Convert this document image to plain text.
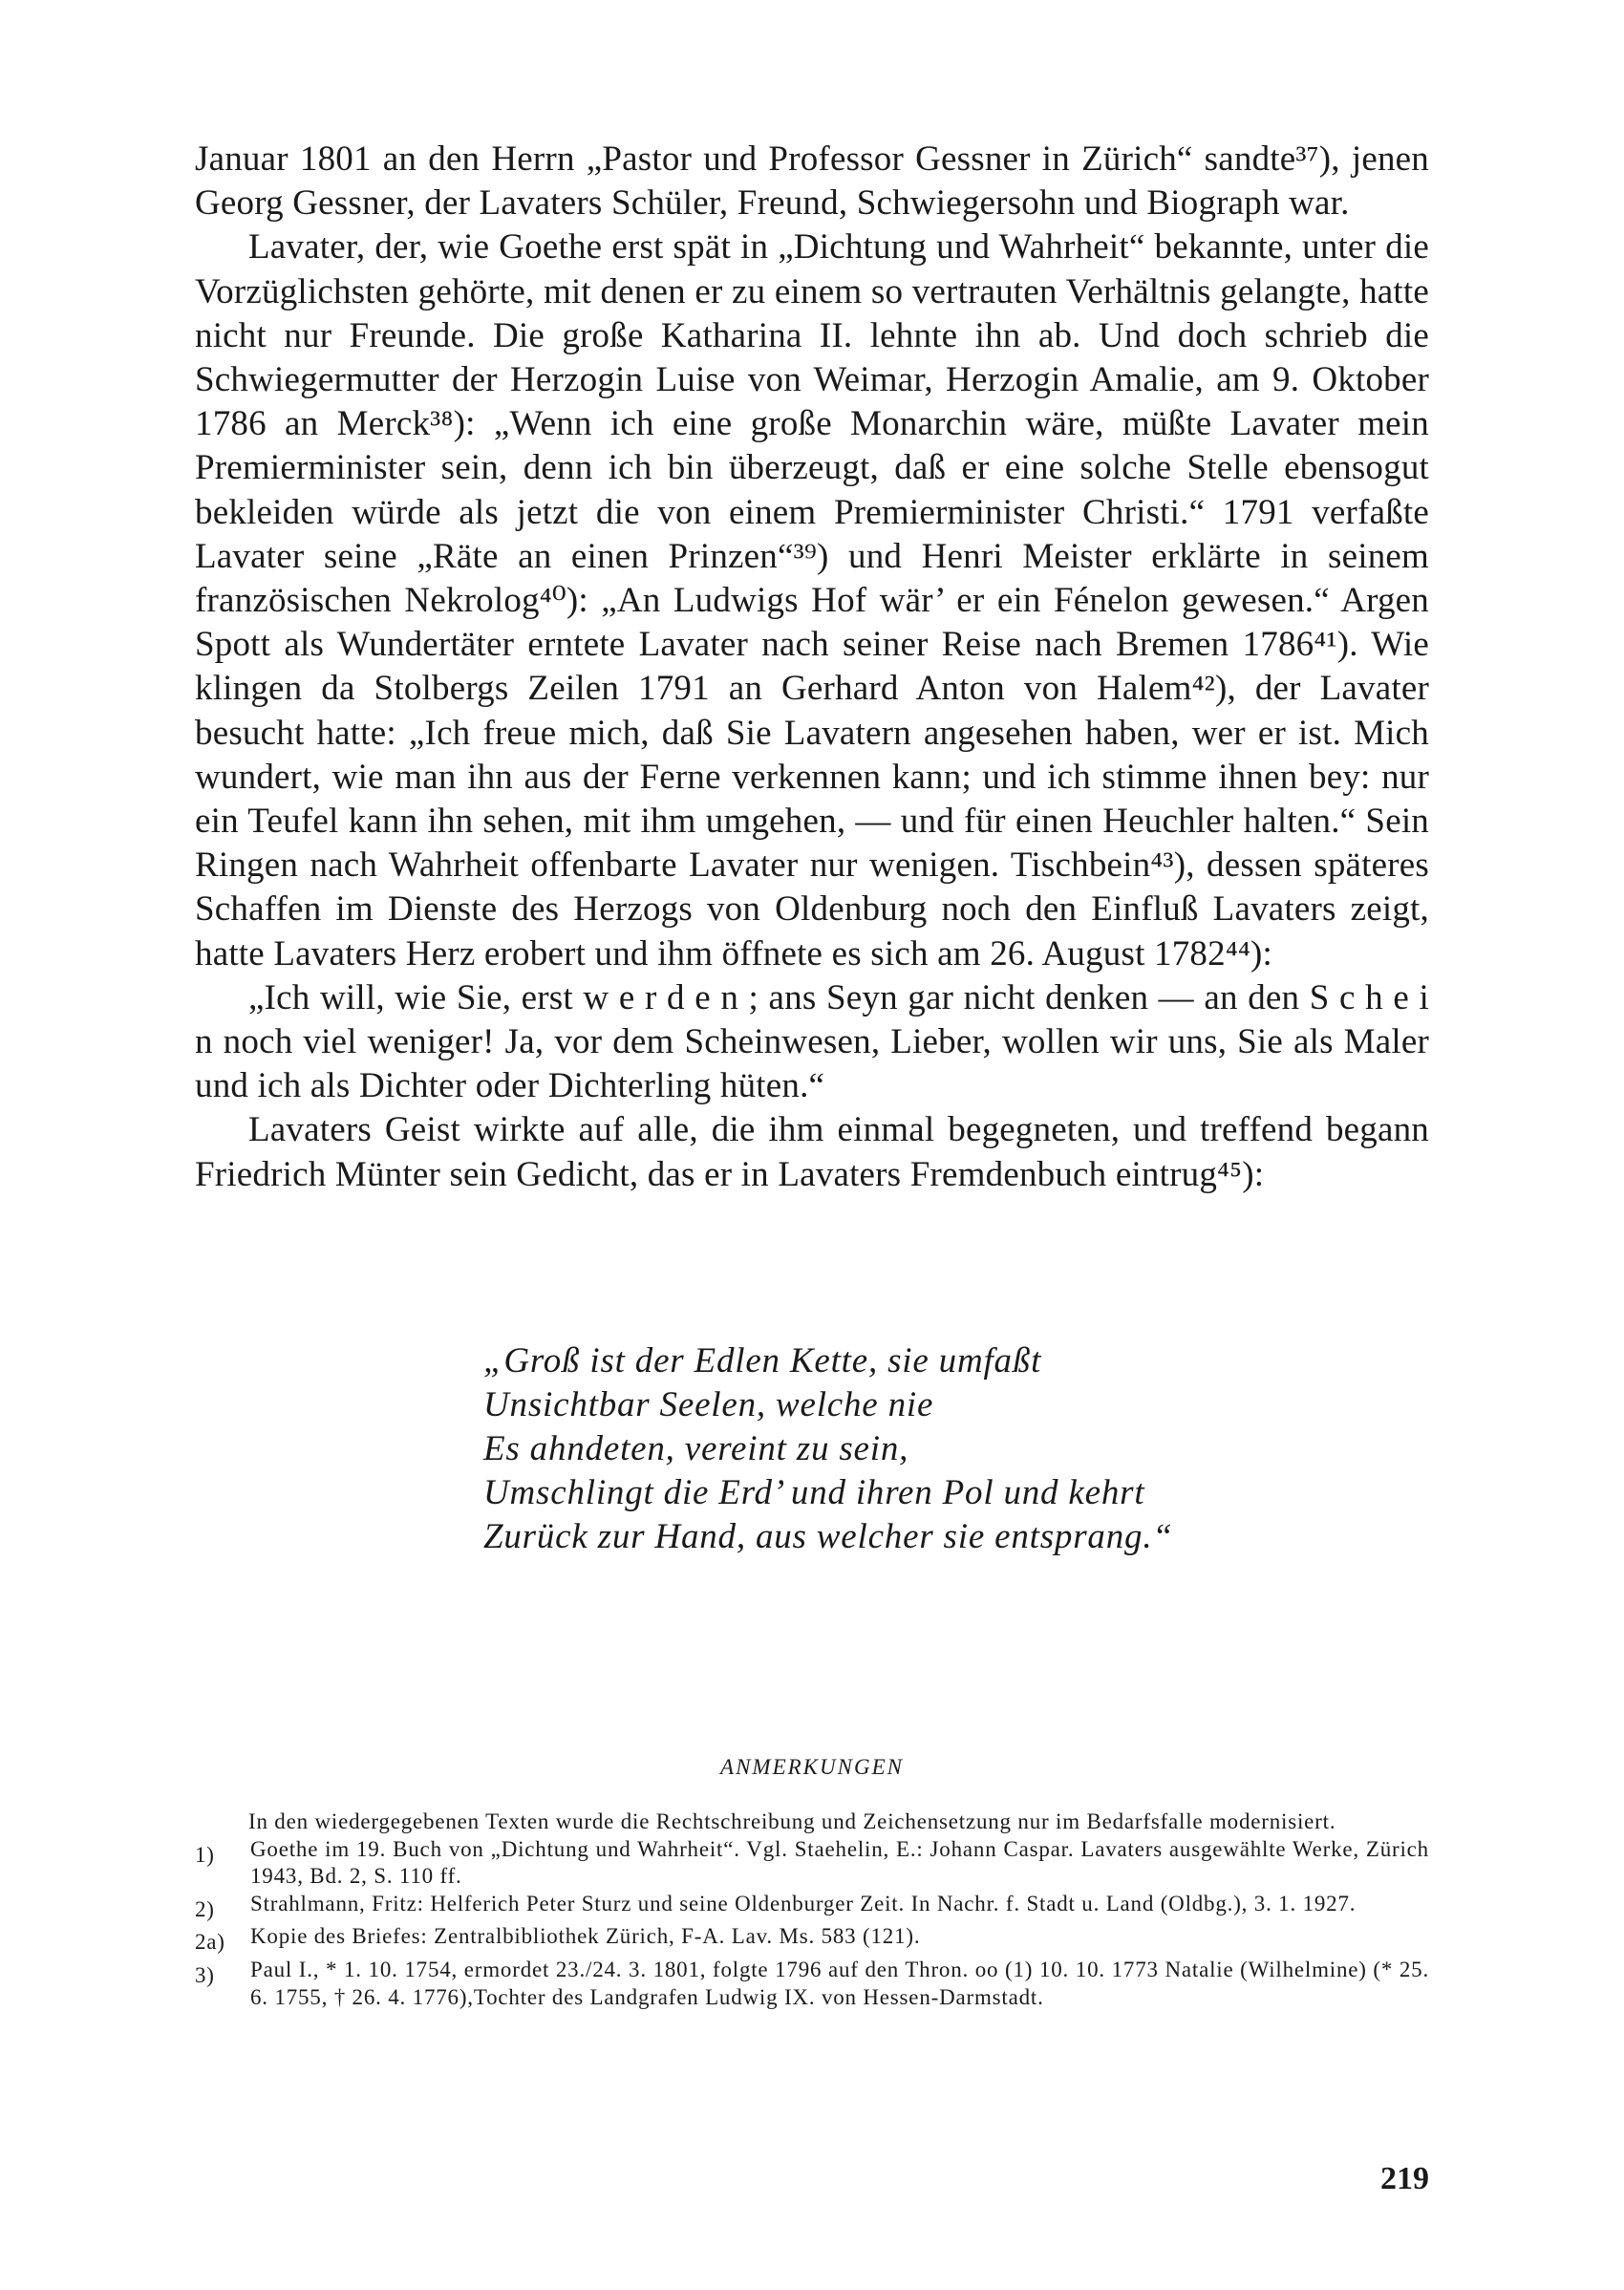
Januar 1801 an den Herrn „Pastor und Professor Gessner in Zürich“ sandte³⁷), jenen Georg Gessner, der Lavaters Schüler, Freund, Schwiegersohn und Biograph war.

Lavater, der, wie Goethe erst spät in „Dichtung und Wahrheit“ bekannte, unter die Vorzüglichsten gehörte, mit denen er zu einem so vertrauten Verhältnis gelangte, hatte nicht nur Freunde. Die große Katharina II. lehnte ihn ab. Und doch schrieb die Schwiegermutter der Herzogin Luise von Weimar, Herzogin Amalie, am 9. Oktober 1786 an Merck³⁸): „Wenn ich eine große Monarchin wäre, müßte Lavater mein Premierminister sein, denn ich bin überzeugt, daß er eine solche Stelle ebensogut bekleiden würde als jetzt die von einem Premierminister Christi.“ 1791 verfaßte Lavater seine „Räte an einen Prinzen“³⁹) und Henri Meister erklärte in seinem französischen Nekrolog⁴⁰): „An Ludwigs Hof wär’ er ein Fénelon gewesen.“ Argen Spott als Wundertäter erntete Lavater nach seiner Reise nach Bremen 1786⁴¹). Wie klingen da Stolbergs Zeilen 1791 an Gerhard Anton von Halem⁴²), der Lavater besucht hatte: „Ich freue mich, daß Sie Lavatern angesehen haben, wer er ist. Mich wundert, wie man ihn aus der Ferne verkennen kann; und ich stimme ihnen bey: nur ein Teufel kann ihn sehen, mit ihm umgehen, — und für einen Heuchler halten.“ Sein Ringen nach Wahrheit offenbarte Lavater nur wenigen. Tischbein⁴³), dessen späteres Schaffen im Dienste des Herzogs von Oldenburg noch den Einfluß Lavaters zeigt, hatte Lavaters Herz erobert und ihm öffnete es sich am 26. August 1782⁴⁴):

„Ich will, wie Sie, erst w e r d e n ; ans Seyn gar nicht denken — an den S c h e i n noch viel weniger! Ja, vor dem Scheinwesen, Lieber, wollen wir uns, Sie als Maler und ich als Dichter oder Dichterling hüten.“

Lavaters Geist wirkte auf alle, die ihm einmal begegneten, und treffend begann Friedrich Münter sein Gedicht, das er in Lavaters Fremdenbuch eintrug⁴⁵):

„Groß ist der Edlen Kette, sie umfaßt
Unsichtbar Seelen, welche nie
Es ahndeten, vereint zu sein,
Umschlingt die Erd’ und ihren Pol und kehrt
Zurück zur Hand, aus welcher sie entsprang.“
ANMERKUNGEN

In den wiedergegebenen Texten wurde die Rechtschreibung und Zeichensetzung nur im Bedarfsfalle modernisiert.

1)	Goethe im 19. Buch von „Dichtung und Wahrheit“. Vgl. Staehelin, E.: Johann Caspar. Lavaters ausgewählte Werke, Zürich 1943, Bd. 2, S. 110 ff.
2)	Strahlmann, Fritz: Helferich Peter Sturz und seine Oldenburger Zeit. In Nachr. f. Stadt u. Land (Oldbg.), 3. 1. 1927.
2a)	Kopie des Briefes: Zentralbibliothek Zürich, F-A. Lav. Ms. 583 (121).
3)	Paul I., * 1. 10. 1754, ermordet 23./24. 3. 1801, folgte 1796 auf den Thron. oo (1) 10. 10. 1773 Natalie (Wilhelmine) (* 25. 6. 1755, † 26. 4. 1776),Tochter des Landgrafen Ludwig IX. von Hessen-Darmstadt.
219
